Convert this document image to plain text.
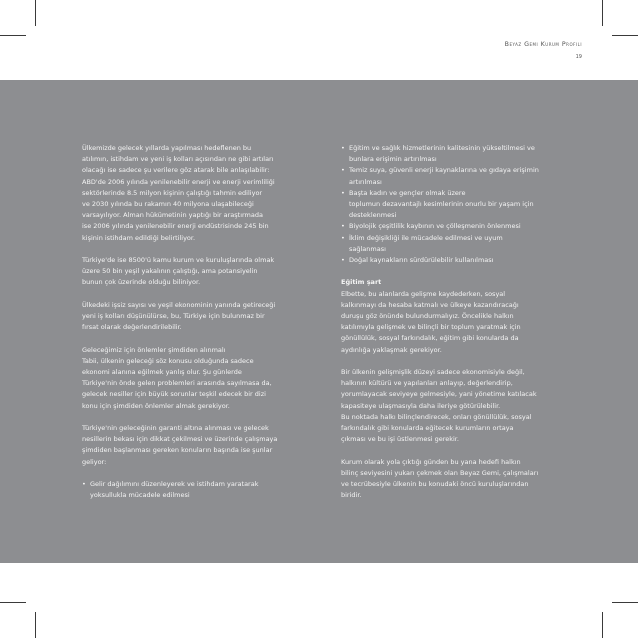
Beyaz Gemi Kurum Profili
19

Ülkemizde gelecek yıllarda yapılması hedeflenen bu
atılımın, istihdam ve yeni iş kolları açısından ne gibi artıları
olacağı ise sadece şu verilere göz atarak bile anlaşılabilir:
ABD'de 2006 yılında yenilenebilir enerji ve enerji verimliliği
sektörlerinde 8.5 milyon kişinin çalıştığı tahmin ediliyor
ve 2030 yılında bu rakamın 40 milyona ulaşabileceği
varsayılıyor. Alman hükümetinin yaptığı bir araştırmada
ise 2006 yılında yenilenebilir enerji endüstrisinde 245 bin
kişinin istihdam edildiği belirtiliyor.

Türkiye'de ise 8500'ü kamu kurum ve kuruluşlarında olmak
üzere 50 bin yeşil yakalının çalıştığı, ama potansiyelin
bunun çok üzerinde olduğu biliniyor.

Ülkedeki işsiz sayısı ve yeşil ekonominin yanında getireceği
yeni iş kolları düşünülürse, bu, Türkiye için bulunmaz bir
fırsat olarak değerlendirilebilir.

Geleceğimiz için önlemler şimdiden alınmalı
Tabii, ülkenin geleceği söz konusu olduğunda sadece
ekonomi alanına eğilmek yanlış olur. Şu günlerde
Türkiye'nin önde gelen problemleri arasında sayılmasa da,
gelecek nesiller için büyük sorunlar teşkil edecek bir dizi
konu için şimdiden önlemler almak gerekiyor.

Türkiye'nin geleceğinin garanti altına alınması ve gelecek
nesillerin bekası için dikkat çekilmesi ve üzerinde çalışmaya
şimdiden başlanması gereken konuların başında ise şunlar
geliyor:

• Gelir dağılımını düzenleyerek ve istihdam yaratarak
yoksullukla mücadele edilmesi
• Eğitim ve sağlık hizmetlerinin kalitesinin yükseltilmesi ve
bunlara erişimin artırılması
• Temiz suya, güvenli enerji kaynaklarına ve gıdaya erişimin
artırılması
• Başta kadın ve gençler olmak üzere
toplumun dezavantajlı kesimlerinin onurlu bir yaşam için
desteklenmesi
• Biyolojik çeşitlilik kaybının ve çölleşmenin önlenmesi
• İklim değişikliği ile mücadele edilmesi ve uyum
sağlanması
• Doğal kaynakların sürdürülebilir kullanılması
Eğitim şart

Elbette, bu alanlarda gelişme kaydederken, sosyal
kalkınmayı da hesaba katmalı ve ülkeye kazandıracağı
duruşu göz önünde bulundurmalıyız. Öncelikle halkın
katılımıyla gelişmek ve bilinçli bir toplum yaratmak için
gönüllülük, sosyal farkındalık, eğitim gibi konularda da
aydınlığa yaklaşmak gerekiyor.

Bir ülkenin gelişmişlik düzeyi sadece ekonomisiyle değil,
halkının kültürü ve yapılanları anlayıp, değerlendirip,
yorumlayacak seviyeye gelmesiyle, yani yönetime katılacak
kapasiteye ulaşmasıyla daha ileriye götürülebilir.
Bu noktada halkı bilinçlendirecek, onları gönüllülük, sosyal
farkındalık gibi konularda eğitecek kurumların ortaya
çıkması ve bu işi üstlenmesi gerekir.

Kurum olarak yola çıktığı günden bu yana hedefi halkın
bilinç seviyesini yukarı çekmek olan Beyaz Gemi, çalışmaları
ve tecrübesiyle ülkenin bu konudaki öncü kuruluşlarından
biridir.
